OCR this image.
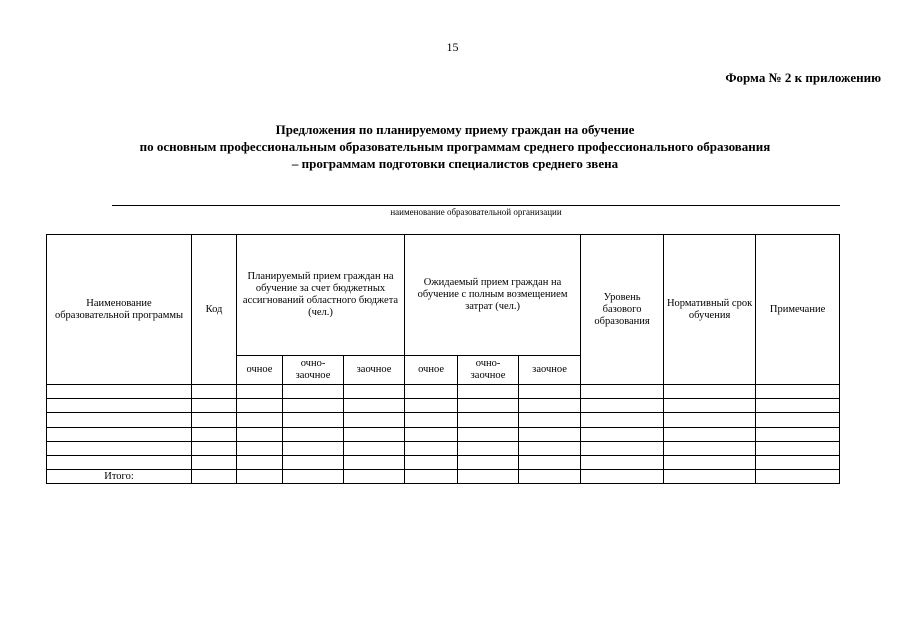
15
Форма № 2 к приложению
Предложения по планируемому приему граждан на обучение
по основным профессиональным образовательным программам среднего профессионального образования
– программам подготовки специалистов среднего звена
наименование образовательной организации
Наименование образовательной программы	Код	Планируемый прием граждан на обучение за счет бюджетных ассигнований областного бюджета (чел.)			Ожидаемый прием граждан на обучение с полным возмещением затрат (чел.)			Уровень базового образования	Нормативный срок обучения	Примечание
		очное	очно-заочное	заочное	очное	очно-заочное	заочное			

Итого:										
